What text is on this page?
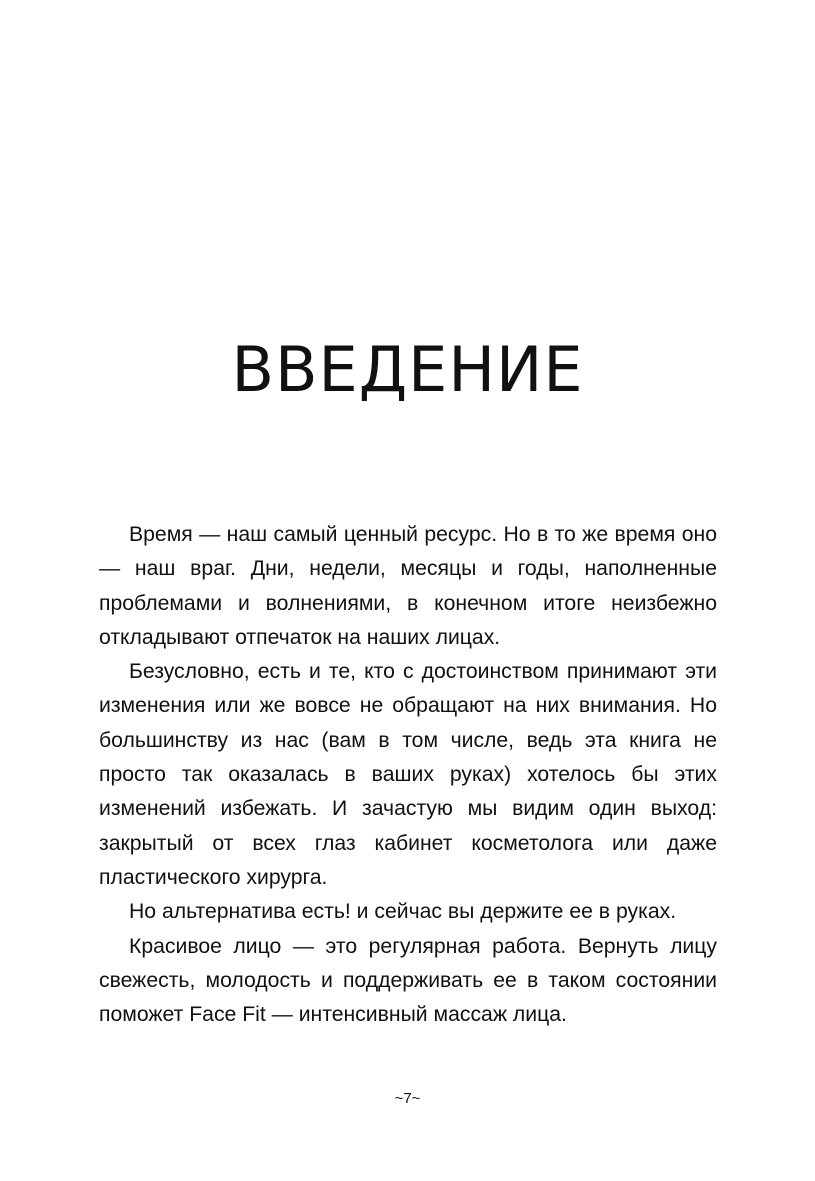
ВВЕДЕНИЕ

Время — наш самый ценный ресурс. Но в то же время оно — наш враг. Дни, недели, месяцы и годы, наполненные проблемами и волнениями, в конечном итоге неизбежно откладывают отпечаток на наших лицах.

Безусловно, есть и те, кто с достоинством принимают эти изменения или же вовсе не обращают на них внимания. Но большинству из нас (вам в том числе, ведь эта книга не просто так оказалась в ваших руках) хотелось бы этих изменений избежать. И зачастую мы видим один выход: закрытый от всех глаз кабинет косметолога или даже пластического хирурга.

Но альтернатива есть! и сейчас вы держите ее в руках.

Красивое лицо — это регулярная работа. Вернуть лицу свежесть, молодость и поддерживать ее в таком состоянии поможет Face Fit — интенсивный массаж лица.

~7~
